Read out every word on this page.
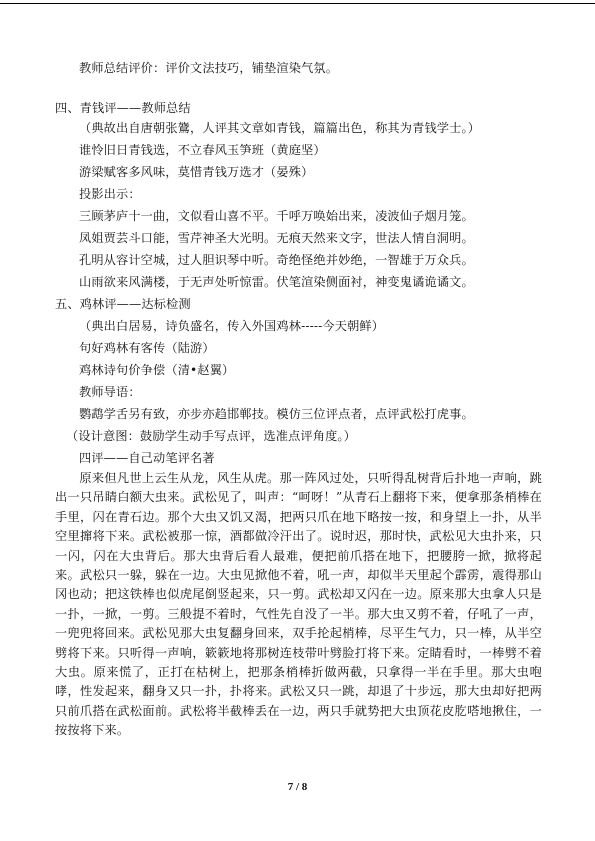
教师总结评价：评价文法技巧，铺垫渲染气氛。
四、青钱评——教师总结
（典故出自唐朝张鷟，人评其文章如青钱，篇篇出色，称其为青钱学士。）
谁怜旧日青钱选，不立春风玉笋班（黄庭坚）
游梁赋客多风味，莫惜青钱万选才（晏殊）
投影出示：
三顾茅庐十一曲，文似看山喜不平。千呼万唤始出来，凌波仙子烟月笼。
凤姐贾芸斗口能，雪芹神圣大光明。无痕天然来文字，世法人情自洞明。
孔明从容计空城，过人胆识琴中听。奇绝怪绝并妙绝，一智雄于万众兵。
山雨欲来风满楼，于无声处听惊雷。伏笔渲染侧面衬，神变鬼谲诡谲文。
五、鸡林评——达标检测
（典出白居易，诗负盛名，传入外国鸡林-----今天朝鲜）
句好鸡林有客传（陆游）
鸡林诗句价争偿（清•赵翼）
教师导语：
鹦鹉学舌另有致，亦步亦趋邯郸技。模仿三位评点者，点评武松打虎事。
（设计意图：鼓励学生动手写点评，选准点评角度。）
四评——自己动笔评名著
原来但凡世上云生从龙，风生从虎。那一阵风过处，只听得乱树背后扑地一声响，跳出一只吊睛白额大虫来。武松见了，叫声：“呵呀！”从青石上翻将下来，便拿那条梢棒在手里，闪在青石边。那个大虫又饥又渴，把两只爪在地下略按一按，和身望上一扑，从半空里撺将下来。武松被那一惊，酒都做冷汗出了。说时迟，那时快，武松见大虫扑来，只一闪，闪在大虫背后。那大虫背后看人最难，便把前爪搭在地下，把腰胯一掀，掀将起来。武松只一躲，躲在一边。大虫见掀他不着，吼一声，却似半天里起个霹雳，震得那山冈也动；把这铁棒也似虎尾倒竖起来，只一剪。武松却又闪在一边。原来那大虫拿人只是一扑，一掀，一剪。三般提不着时，气性先自没了一半。那大虫又剪不着，仔吼了一声，一兜兜将回来。武松见那大虫复翻身回来，双手抡起梢棒，尽平生气力，只一棒，从半空劈将下来。只听得一声响，簌簌地将那树连枝带叶劈脸打将下来。定睛看时，一棒劈不着大虫。原来慌了，正打在枯树上，把那条梢棒折做两截，只拿得一半在手里。那大虫咆哮，性发起来，翻身又只一扑，扑将来。武松又只一跳，却退了十步远，那大虫却好把两只前爪搭在武松面前。武松将半截棒丢在一边，两只手就势把大虫顶花皮肐嗒地揪住，一按按将下来。
7 / 8
